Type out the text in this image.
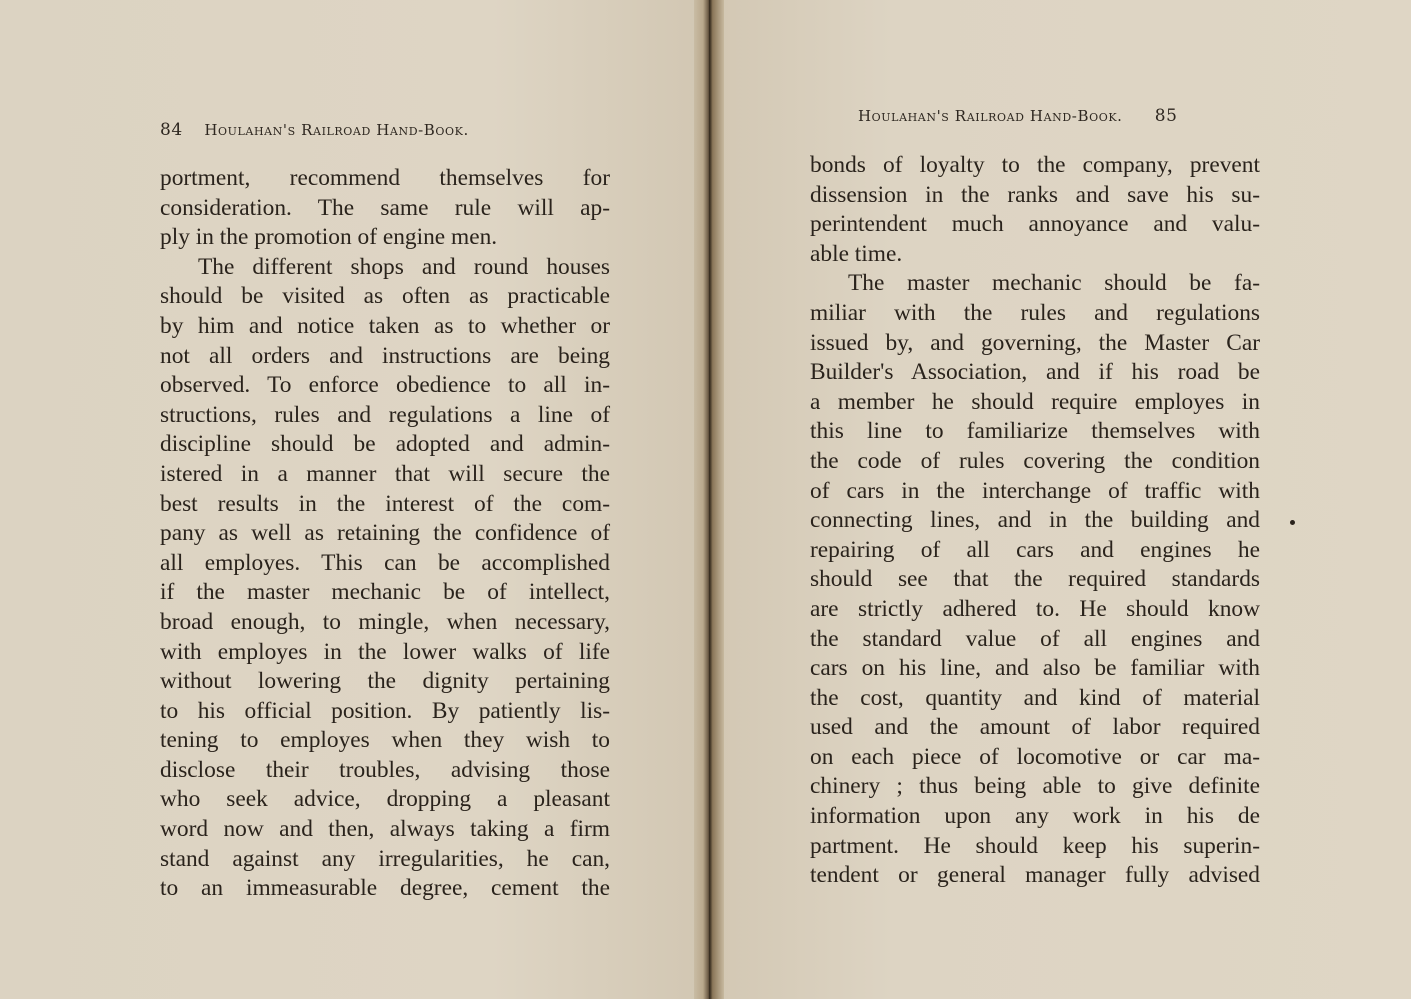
84 Houlahan's Railroad Hand-Book.
Houlahan's Railroad Hand-Book. 85
portment, recommend themselves for
consideration. The same rule will ap-
ply in the promotion of engine men.
The different shops and round houses
should be visited as often as practicable
by him and notice taken as to whether or
not all orders and instructions are being
observed. To enforce obedience to all in-
structions, rules and regulations a line of
discipline should be adopted and admin-
istered in a manner that will secure the
best results in the interest of the com-
pany as well as retaining the confidence of
all employes. This can be accomplished
if the master mechanic be of intellect,
broad enough, to mingle, when necessary,
with employes in the lower walks of life
without lowering the dignity pertaining
to his official position. By patiently lis-
tening to employes when they wish to
disclose their troubles, advising those
who seek advice, dropping a pleasant
word now and then, always taking a firm
stand against any irregularities, he can,
to an immeasurable degree, cement the
bonds of loyalty to the company, prevent
dissension in the ranks and save his su-
perintendent much annoyance and valu-
able time.
The master mechanic should be fa-
miliar with the rules and regulations
issued by, and governing, the Master Car
Builder's Association, and if his road be
a member he should require employes in
this line to familiarize themselves with
the code of rules covering the condition
of cars in the interchange of traffic with
connecting lines, and in the building and
repairing of all cars and engines he
should see that the required standards
are strictly adhered to. He should know
the standard value of all engines and
cars on his line, and also be familiar with
the cost, quantity and kind of material
used and the amount of labor required
on each piece of locomotive or car ma-
chinery ; thus being able to give definite
information upon any work in his de
partment. He should keep his superin-
tendent or general manager fully advised
